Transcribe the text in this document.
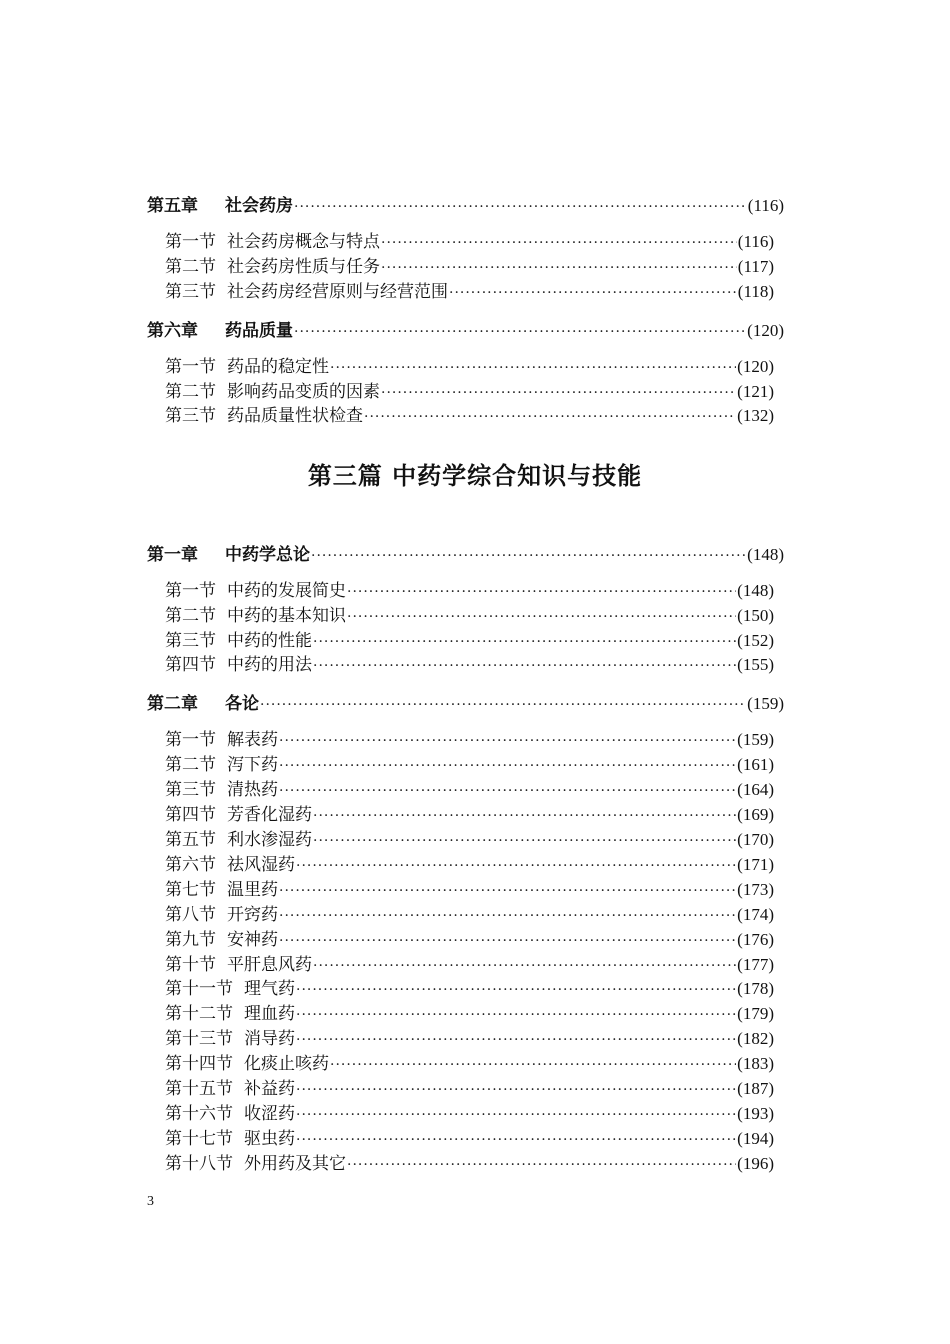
第三篇 中药学综合知识与技能
第五章	社会药房 ·····	(116)
第一节 社会药房概念与特点 ·····	(116)
第二节 社会药房性质与任务 ·····	(117)
第三节 社会药房经营原则与经营范围 ·····	(118)
第六章	药品质量 ·····	(120)
第一节 药品的稳定性 ·····	(120)
第二节 影响药品变质的因素 ·····	(121)
第三节 药品质量性状检查 ·····	(132)
第一章	中药学总论 ·····	(148)
第一节 中药的发展简史 ·····	(148)
第二节 中药的基本知识 ·····	(150)
第三节 中药的性能 ·····	(152)
第四节 中药的用法 ·····	(155)
第二章	各论 ·····	(159)
第一节 解表药 ·····	(159)
第二节 泻下药 ·····	(161)
第三节 清热药 ·····	(164)
第四节 芳香化湿药 ·····	(169)
第五节 利水渗湿药 ·····	(170)
第六节 祛风湿药 ·····	(171)
第七节 温里药 ·····	(173)
第八节 开窍药 ·····	(174)
第九节 安神药 ·····	(176)
第十节 平肝息风药 ·····	(177)
第十一节 理气药 ·····	(178)
第十二节 理血药 ·····	(179)
第十三节 消导药 ·····	(182)
第十四节 化痰止咳药 ·····	(183)
第十五节 补益药 ·····	(187)
第十六节 收涩药 ·····	(193)
第十七节 驱虫药 ·····	(194)
第十八节 外用药及其它 ·····	(196)
3
